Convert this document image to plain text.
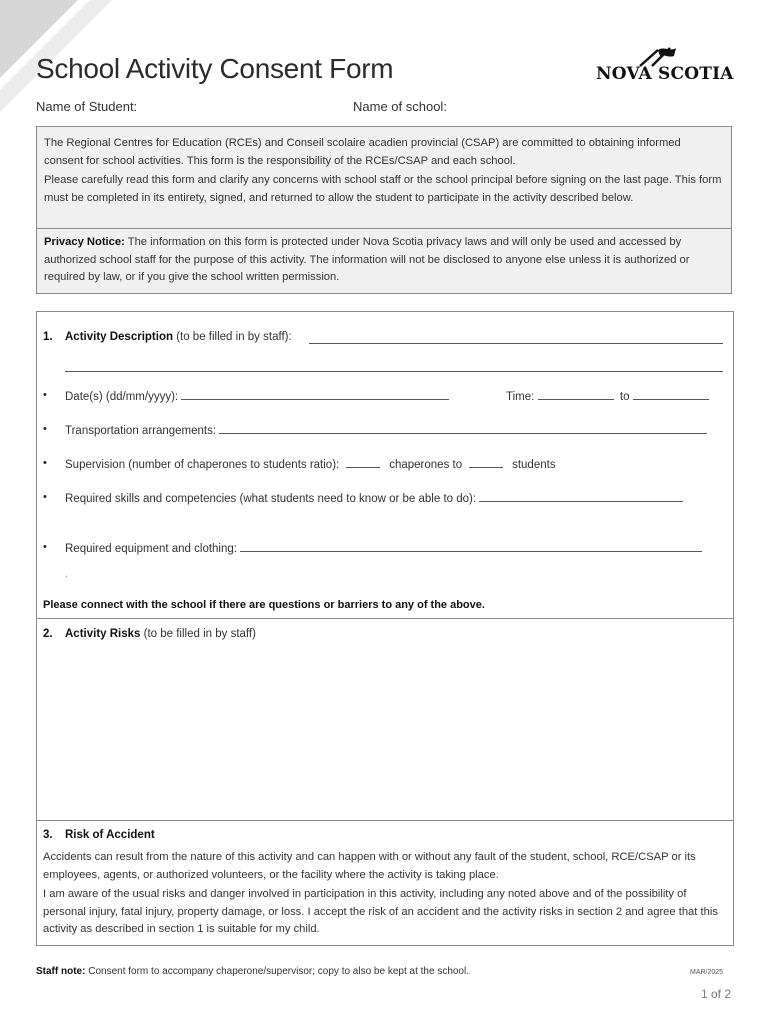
School Activity Consent Form	NOVA SCOTIA
Name of Student:	Name of school:

The Regional Centres for Education (RCEs) and Conseil scolaire acadien provincial (CSAP) are committed to obtaining informed consent for school activities. This form is the responsibility of the RCEs/CSAP and each school.

Please carefully read this form and clarify any concerns with school staff or the school principal before signing on the last page. This form must be completed in its entirety, signed, and returned to allow the student to participate in the activity described below.

Privacy Notice: The information on this form is protected under Nova Scotia privacy laws and will only be used and accessed by authorized school staff for the purpose of this activity. The information will not be disclosed to anyone else unless it is authorized or required by law, or if you give the school written permission.
1. Activity Description (to be filled in by staff):
• Date(s) (dd/mm/yyyy):	Time:	to
• Transportation arrangements:
• Supervision (number of chaperones to students ratio):	chaperones to	students
• Required skills and competencies (what students need to know or be able to do):
• Required equipment and clothing:
.
Please connect with the school if there are questions or barriers to any of the above.
2. Activity Risks (to be filled in by staff)
3. Risk of Accident

Accidents can result from the nature of this activity and can happen with or without any fault of the student, school, RCE/CSAP or its employees, agents, or authorized volunteers, or the facility where the activity is taking place.

I am aware of the usual risks and danger involved in participation in this activity, including any noted above and of the possibility of personal injury, fatal injury, property damage, or loss. I accept the risk of an accident and the activity risks in section 2 and agree that this activity as described in section 1 is suitable for my child.

Staff note: Consent form to accompany chaperone/supervisor; copy to also be kept at the school.	MAR/2025
1 of 2
